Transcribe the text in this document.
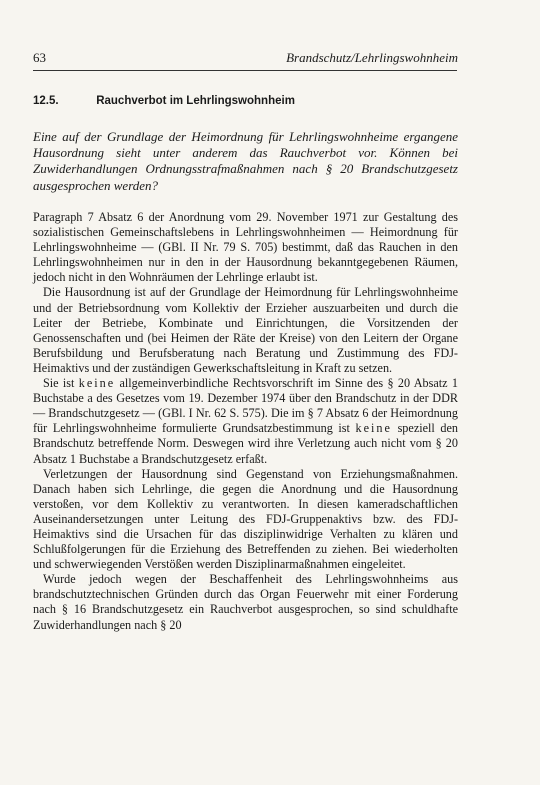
63	Brandschutz/Lehrlingswohnheim
12.5.	Rauchverbot im Lehrlingswohnheim

Eine auf der Grundlage der Heimordnung für Lehrlingswohnheime ergangene Hausordnung sieht unter anderem das Rauchverbot vor. Können bei Zuwiderhandlungen Ordnungsstrafmaßnahmen nach § 20 Brandschutzgesetz ausgesprochen werden?

Paragraph 7 Absatz 6 der Anordnung vom 29. November 1971 zur Gestaltung des sozialistischen Gemeinschaftslebens in Lehrlingswohnheimen — Heimordnung für Lehrlingswohnheime — (GBl. II Nr. 79 S. 705) bestimmt, daß das Rauchen in den Lehrlingswohnheimen nur in den in der Hausordnung bekanntgegebenen Räumen, jedoch nicht in den Wohnräumen der Lehrlinge erlaubt ist.

Die Hausordnung ist auf der Grundlage der Heimordnung für Lehrlingswohnheime und der Betriebsordnung vom Kollektiv der Erzieher auszuarbeiten und durch die Leiter der Betriebe, Kombinate und Einrichtungen, die Vorsitzenden der Genossenschaften und (bei Heimen der Räte der Kreise) von den Leitern der Organe Berufsbildung und Berufsberatung nach Beratung und Zustimmung des FDJ-Heimaktivs und der zuständigen Gewerkschaftsleitung in Kraft zu setzen.

Sie ist keine allgemeinverbindliche Rechtsvorschrift im Sinne des § 20 Absatz 1 Buchstabe a des Gesetzes vom 19. Dezember 1974 über den Brandschutz in der DDR — Brandschutzgesetz — (GBl. I Nr. 62 S. 575). Die im § 7 Absatz 6 der Heimordnung für Lehrlingswohnheime formulierte Grundsatzbestimmung ist keine speziell den Brandschutz betreffende Norm. Deswegen wird ihre Verletzung auch nicht vom § 20 Absatz 1 Buchstabe a Brandschutzgesetz erfaßt.

Verletzungen der Hausordnung sind Gegenstand von Erziehungsmaßnahmen. Danach haben sich Lehrlinge, die gegen die Anordnung und die Hausordnung verstoßen, vor dem Kollektiv zu verantworten. In diesen kameradschaftlichen Auseinandersetzungen unter Leitung des FDJ-Gruppenaktivs bzw. des FDJ-Heimaktivs sind die Ursachen für das disziplinwidrige Verhalten zu klären und Schlußfolgerungen für die Erziehung des Betreffenden zu ziehen. Bei wiederholten und schwerwiegenden Verstößen werden Disziplinarmaßnahmen eingeleitet.

Wurde jedoch wegen der Beschaffenheit des Lehrlingswohnheims aus brandschutztechnischen Gründen durch das Organ Feuerwehr mit einer Forderung nach § 16 Brandschutzgesetz ein Rauchverbot ausgesprochen, so sind schuldhafte Zuwiderhandlungen nach § 20
